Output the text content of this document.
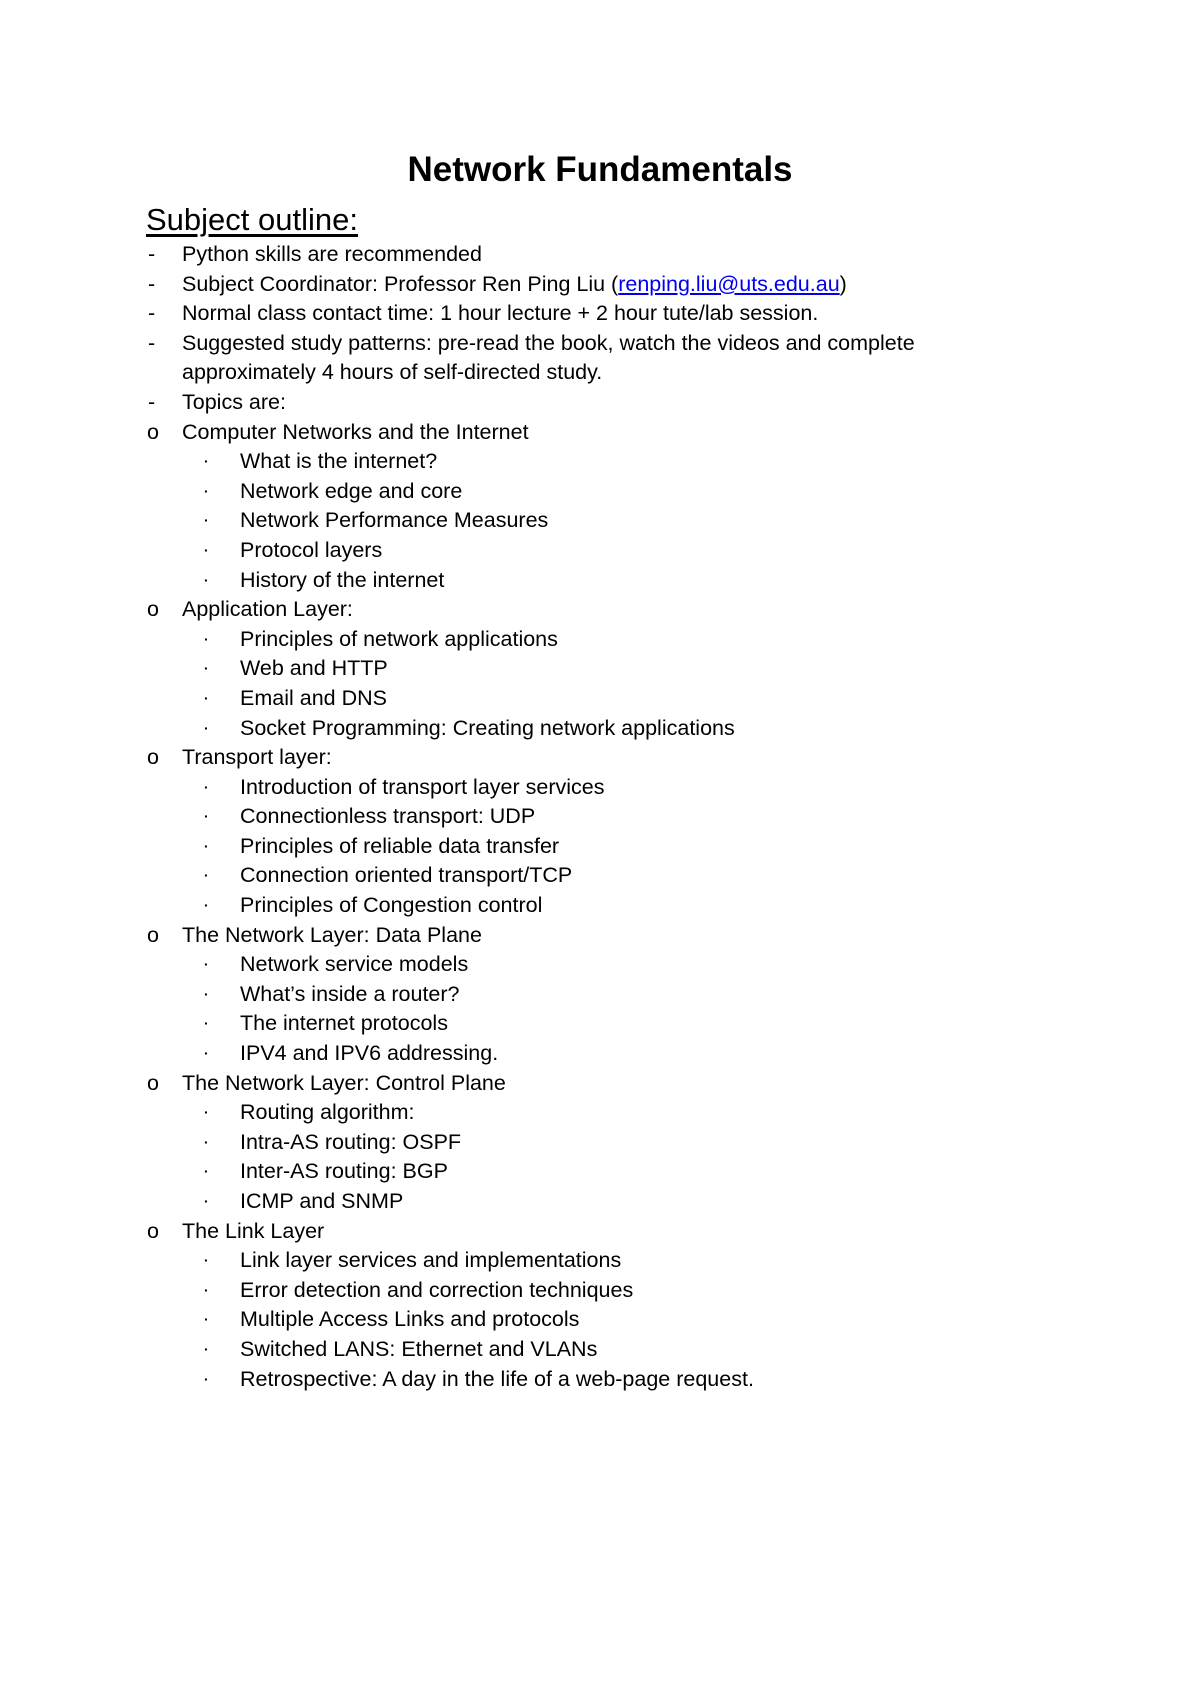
Network Fundamentals
Subject outline:
- Python skills are recommended
- Subject Coordinator: Professor Ren Ping Liu (renping.liu@uts.edu.au)
- Normal class contact time: 1 hour lecture + 2 hour tute/lab session.
- Suggested study patterns: pre-read the book, watch the videos and complete approximately 4 hours of self-directed study.
- Topics are:
o Computer Networks and the Internet
· What is the internet?
· Network edge and core
· Network Performance Measures
· Protocol layers
· History of the internet
o Application Layer:
· Principles of network applications
· Web and HTTP
· Email and DNS
· Socket Programming: Creating network applications
o Transport layer:
· Introduction of transport layer services
· Connectionless transport: UDP
· Principles of reliable data transfer
· Connection oriented transport/TCP
· Principles of Congestion control
o The Network Layer: Data Plane
· Network service models
· What’s inside a router?
· The internet protocols
· IPV4 and IPV6 addressing.
o The Network Layer: Control Plane
· Routing algorithm:
· Intra-AS routing: OSPF
· Inter-AS routing: BGP
· ICMP and SNMP
o The Link Layer
· Link layer services and implementations
· Error detection and correction techniques
· Multiple Access Links and protocols
· Switched LANS: Ethernet and VLANs
· Retrospective: A day in the life of a web-page request.
